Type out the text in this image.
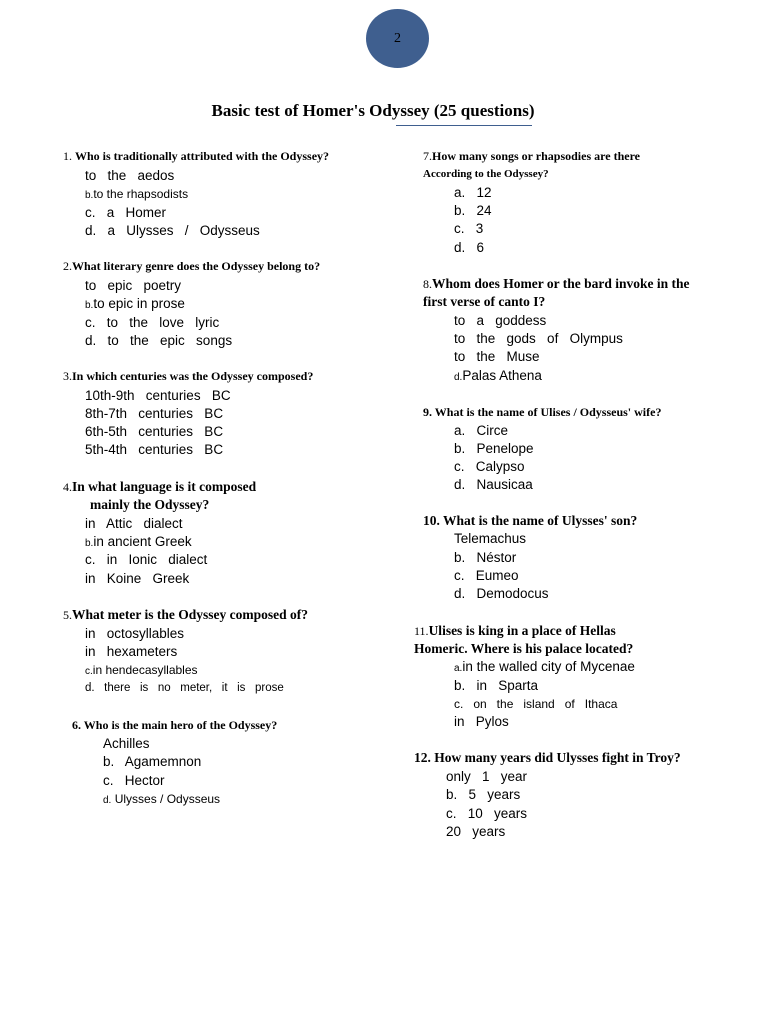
2
Basic test of Homer's Odyssey (25 questions)
1. Who is traditionally attributed with the Odyssey?
to   the   aedos
b.to the rhapsodists
c.   a   Homer
d.   a   Ulysses   /   Odysseus
2.What literary genre does the Odyssey belong to?
to   epic   poetry
b.to epic in prose
c.   to   the   love   lyric
d.   to   the   epic   songs
3.In which centuries was the Odyssey composed?
10th-9th   centuries   BC
8th-7th   centuries   BC
6th-5th   centuries   BC
5th-4th   centuries   BC
4.In what language is it composed
mainly the Odyssey?
in   Attic   dialect
b.in ancient Greek
c.   in   Ionic   dialect
in   Koine   Greek
5.What meter is the Odyssey composed of?
in   octosyllables
in   hexameters
c.in hendecasyllables
d.   there   is   no   meter,   it   is   prose
6. Who is the main hero of the Odyssey?
Achilles
b.   Agamemnon
c.   Hector
d. Ulysses / Odysseus
7.How many songs or rhapsodies are there
According to the Odyssey?
a.   12
b.   24
c.   3
d.   6
8.Whom does Homer or the bard invoke in the
first verse of canto I?
to   a   goddess
to   the   gods   of   Olympus
to   the   Muse
d.Palas Athena
9. What is the name of Ulises / Odysseus' wife?
a.   Circe
b.   Penelope
c.   Calypso
d.   Nausicaa
10. What is the name of Ulysses' son?
Telemachus
b.   Néstor
c.   Eumeo
d.   Demodocus
11.Ulises is king in a place of Hellas
Homeric. Where is his palace located?
a.in the walled city of Mycenae
b.   in   Sparta
c.   on   the   island   of   Ithaca
in   Pylos
12. How many years did Ulysses fight in Troy?
only   1   year
b.   5   years
c.   10   years
20   years
